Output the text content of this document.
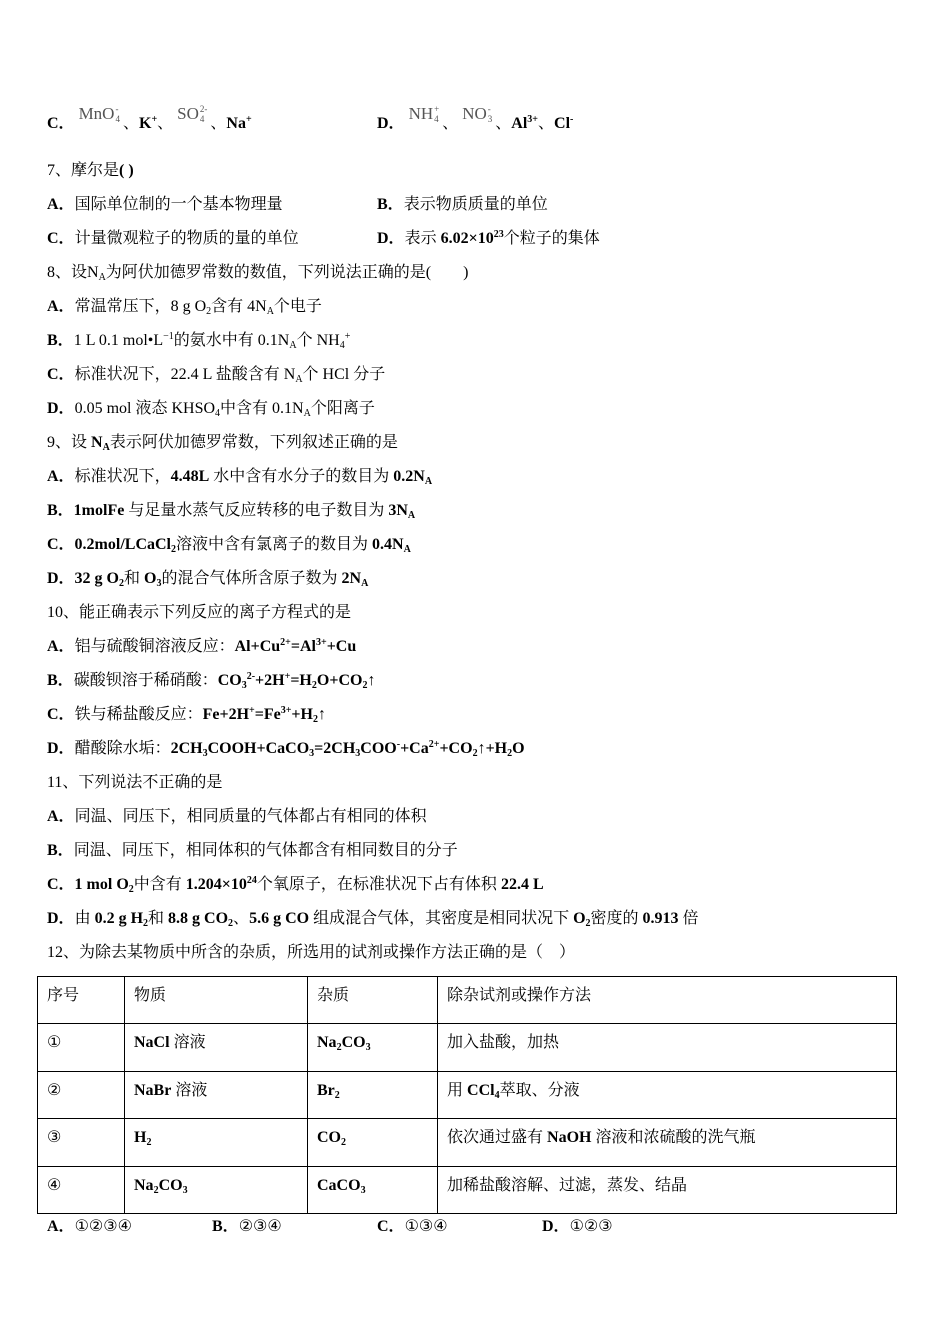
C．MnO -
4 、K+、SO 2-
4 、Na+	D．NH +
4 、NO -
3 、$Al^{3+}$、Cl-
7、摩尔是( )
A．国际单位制的一个基本物理量	B．表示物质质量的单位
C．计量微观粒子的物质的量的单位	D．表示 $6.02\times 10^{23}$个粒子的集体
8、设$N_A$为阿伏加德罗常数的数值，下列说法正确的是(　　)
A．常温常压下，8 g $O_2$含有 $4N_A$个电子
B．1 L 0.1 $mol•L^{-1}$的氨水中有 $0.1N_A$个 $NH_4^+$
C．标准状况下，22.4 L 盐酸含有 $N_A$个 HCl 分子
D．0.05 mol 液态 $KHSO_4$中含有 $0.1N_A$个阳离子
9、设 $N_A$表示阿伏加德罗常数，下列叙述正确的是
A．标准状况下，4.48L 水中含有水分子的数目为 $0.2N_A$
B．1molFe 与足量水蒸气反应转移的电子数目为 $3N_A$
C．0.2mol/LCaCl$_2$溶液中含有氯离子的数目为 $0.4N_A$
D．32 g $O_2$和 $O_3$的混合气体所含原子数为 $2N_A$
10、能正确表示下列反应的离子方程式的是
A．铝与硫酸铜溶液反应：$Al+Cu^{2+}=Al^{3+}+Cu$
B．碳酸钡溶于稀硝酸：$CO_3^{2-}+2H^+=H_2O+CO_2↑$
C．铁与稀盐酸反应：$Fe+2H^+=Fe^{3+}+H_2↑$
D．醋酸除水垢：$2CH_3COOH+CaCO_3=2CH_3COO^-+Ca^{2+}+CO_2↑+H_2O$
11、下列说法不正确的是
A．同温、同压下，相同质量的气体都占有相同的体积
B．同温、同压下，相同体积的气体都含有相同数目的分子
C．1 mol $O_2$中含有 $1.204\times 10^{24}$个氧原子，在标准状况下占有体积 22.4 L
D．由 0.2 g $H_2$和 8.8 g $CO_2$、5.6 g CO 组成混合气体，其密度是相同状况下 $O_2$密度的 0.913 倍
12、为除去某物质中所含的杂质，所选用的试剂或操作方法正确的是（　）
序号	物质	杂质	除杂试剂或操作方法
①	NaCl 溶液	$Na_2CO_3$	加入盐酸，加热
②	NaBr 溶液	$Br_2$	用 CCl$_4$萃取、分液
③	$H_2$	$CO_2$	依次通过盛有 NaOH 溶液和浓硫酸的洗气瓶
④	$Na_2CO_3$	CaCO$_3$	加稀盐酸溶解、过滤，蒸发、结晶
A．①②③④	B．②③④	C．①③④	D．①②③
